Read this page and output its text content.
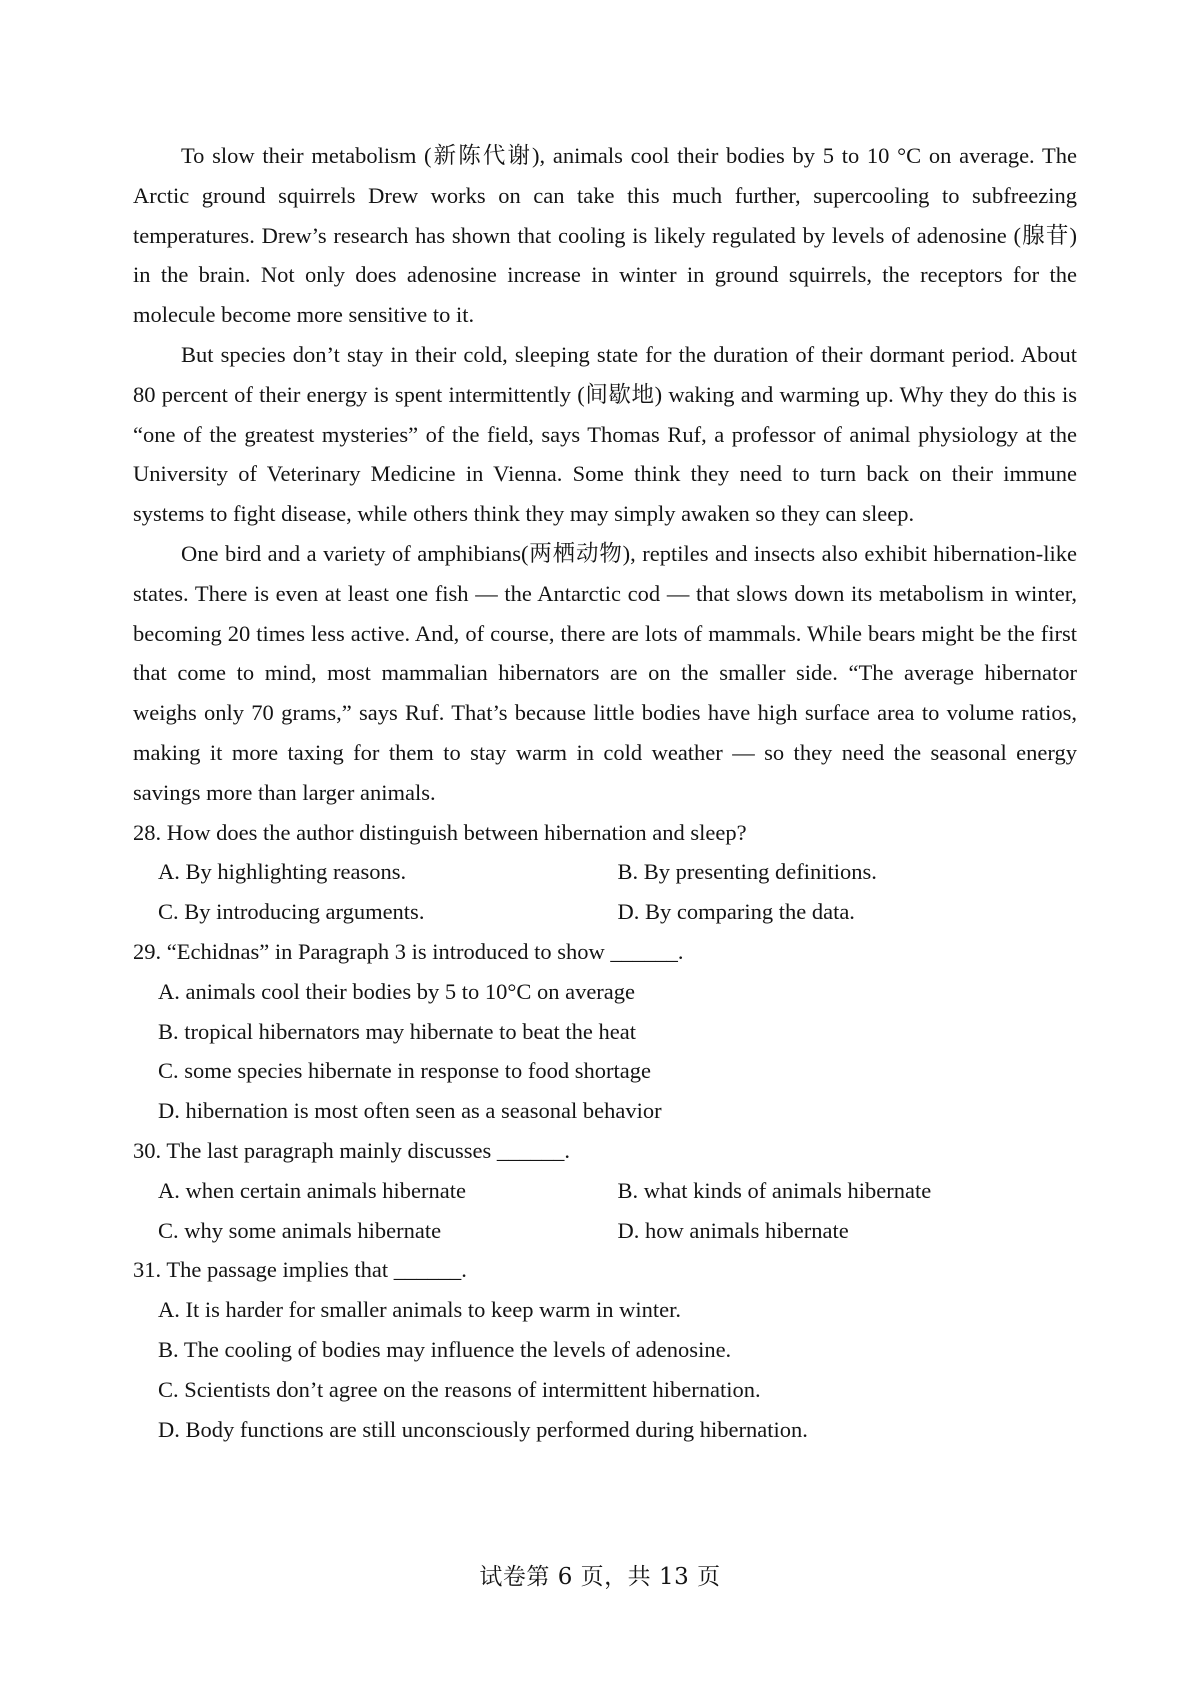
To slow their metabolism (新陈代谢), animals cool their bodies by 5 to 10 °C on average. The Arctic ground squirrels Drew works on can take this much further, supercooling to subfreezing temperatures. Drew’s research has shown that cooling is likely regulated by levels of adenosine (腺苷) in the brain. Not only does adenosine increase in winter in ground squirrels, the receptors for the molecule become more sensitive to it.

But species don’t stay in their cold, sleeping state for the duration of their dormant period. About 80 percent of their energy is spent intermittently (间歇地) waking and warming up. Why they do this is “one of the greatest mysteries” of the field, says Thomas Ruf, a professor of animal physiology at the University of Veterinary Medicine in Vienna. Some think they need to turn back on their immune systems to fight disease, while others think they may simply awaken so they can sleep.

One bird and a variety of amphibians(两栖动物), reptiles and insects also exhibit hibernation-like states. There is even at least one fish — the Antarctic cod — that slows down its metabolism in winter, becoming 20 times less active. And, of course, there are lots of mammals. While bears might be the first that come to mind, most mammalian hibernators are on the smaller side. “The average hibernator weighs only 70 grams,” says Ruf. That’s because little bodies have high surface area to volume ratios, making it more taxing for them to stay warm in cold weather — so they need the seasonal energy savings more than larger animals.

28. How does the author distinguish between hibernation and sleep?

A. By highlighting reasons.	B. By presenting definitions.
C. By introducing arguments.	D. By comparing the data.

29. “Echidnas” in Paragraph 3 is introduced to show ______.

A. animals cool their bodies by 5 to 10°C on average
B. tropical hibernators may hibernate to beat the heat
C. some species hibernate in response to food shortage
D. hibernation is most often seen as a seasonal behavior

30. The last paragraph mainly discusses ______.

A. when certain animals hibernate	B. what kinds of animals hibernate
C. why some animals hibernate	D. how animals hibernate

31. The passage implies that ______.

A. It is harder for smaller animals to keep warm in winter.
B. The cooling of bodies may influence the levels of adenosine.
C. Scientists don’t agree on the reasons of intermittent hibernation.
D. Body functions are still unconsciously performed during hibernation.
试卷第 6 页，共 13 页
